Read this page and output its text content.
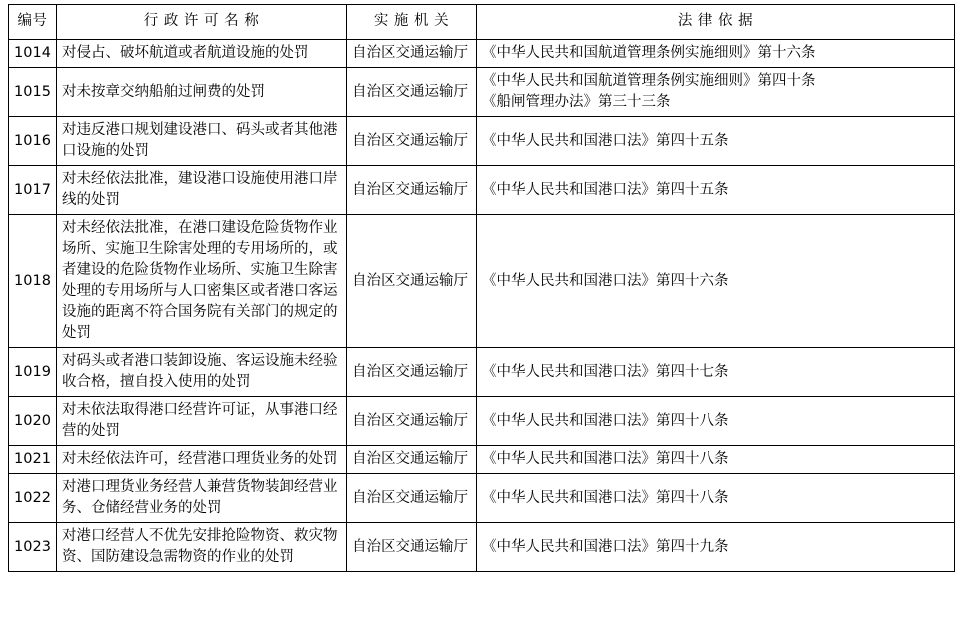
编号	行 政 许 可 名 称	实 施 机 关	法 律 依 据
1014	对侵占、破坏航道或者航道设施的处罚	自治区交通运输厅	《中华人民共和国航道管理条例实施细则》第十六条

1015	对未按章交纳船舶过闸费的处罚	自治区交通运输厅	《中华人民共和国航道管理条例实施细则》第四十条
《船闸管理办法》第三十三条

1016	对违反港口规划建设港口、码头或者其他港口设施的处罚	自治区交通运输厅	《中华人民共和国港口法》第四十五条

1017	对未经依法批准，建设港口设施使用港口岸线的处罚	自治区交通运输厅	《中华人民共和国港口法》第四十五条

1018	对未经依法批准，在港口建设危险货物作业场所、实施卫生除害处理的专用场所的，或者建设的危险货物作业场所、实施卫生除害处理的专用场所与人口密集区或者港口客运设施的距离不符合国务院有关部门的规定的处罚	自治区交通运输厅	《中华人民共和国港口法》第四十六条

1019	对码头或者港口装卸设施、客运设施未经验收合格，擅自投入使用的处罚	自治区交通运输厅	《中华人民共和国港口法》第四十七条

1020	对未依法取得港口经营许可证，从事港口经营的处罚	自治区交通运输厅	《中华人民共和国港口法》第四十八条

1021	对未经依法许可，经营港口理货业务的处罚	自治区交通运输厅	《中华人民共和国港口法》第四十八条

1022	对港口理货业务经营人兼营货物装卸经营业务、仓储经营业务的处罚	自治区交通运输厅	《中华人民共和国港口法》第四十八条

1023	对港口经营人不优先安排抢险物资、救灾物资、国防建设急需物资的作业的处罚	自治区交通运输厅	《中华人民共和国港口法》第四十九条
